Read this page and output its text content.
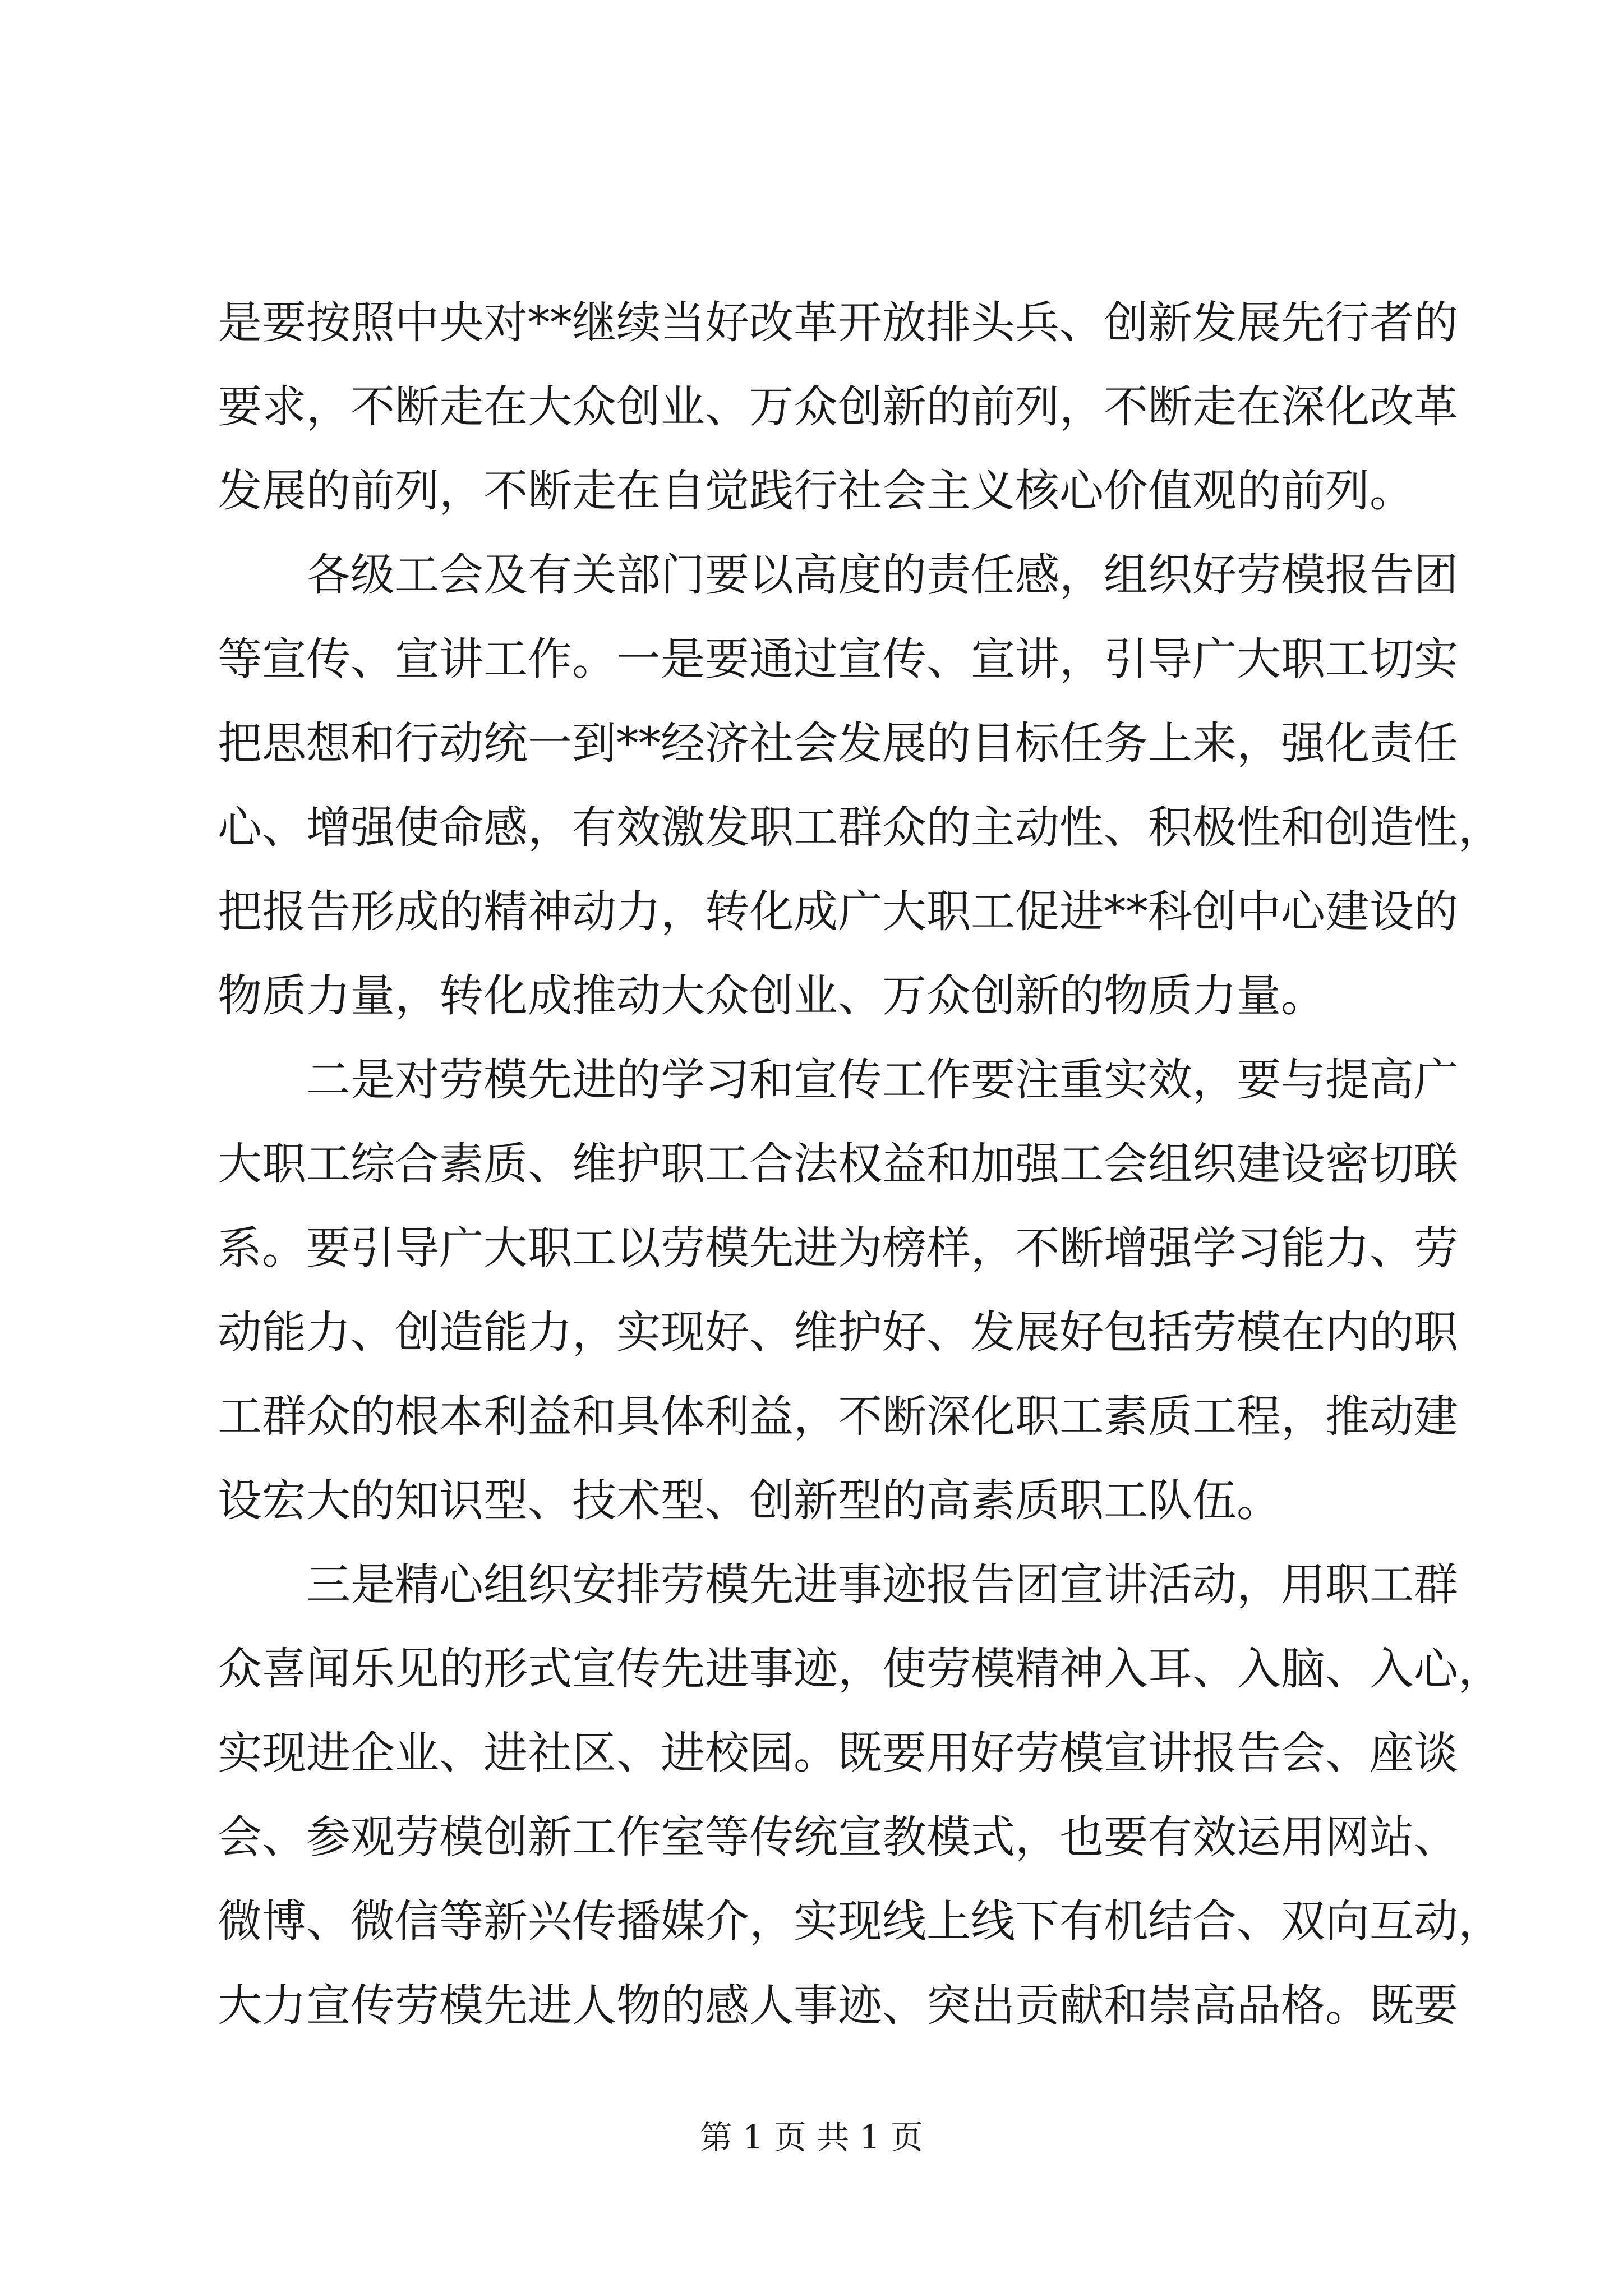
是要按照中央对**继续当好改革开放排头兵、创新发展先行者的
要求，不断走在大众创业、万众创新的前列，不断走在深化改革
发展的前列，不断走在自觉践行社会主义核心价值观的前列。
各级工会及有关部门要以高度的责任感，组织好劳模报告团
等宣传、宣讲工作。一是要通过宣传、宣讲，引导广大职工切实
把思想和行动统一到**经济社会发展的目标任务上来，强化责任
心、增强使命感，有效激发职工群众的主动性、积极性和创造性，
把报告形成的精神动力，转化成广大职工促进**科创中心建设的
物质力量，转化成推动大众创业、万众创新的物质力量。
二是对劳模先进的学习和宣传工作要注重实效，要与提高广
大职工综合素质、维护职工合法权益和加强工会组织建设密切联
系。要引导广大职工以劳模先进为榜样，不断增强学习能力、劳
动能力、创造能力，实现好、维护好、发展好包括劳模在内的职
工群众的根本利益和具体利益，不断深化职工素质工程，推动建
设宏大的知识型、技术型、创新型的高素质职工队伍。
三是精心组织安排劳模先进事迹报告团宣讲活动，用职工群
众喜闻乐见的形式宣传先进事迹，使劳模精神入耳、入脑、入心，
实现进企业、进社区、进校园。既要用好劳模宣讲报告会、座谈
会、参观劳模创新工作室等传统宣教模式，也要有效运用网站、
微博、微信等新兴传播媒介，实现线上线下有机结合、双向互动，
大力宣传劳模先进人物的感人事迹、突出贡献和崇高品格。既要
第 1 页 共 1 页
